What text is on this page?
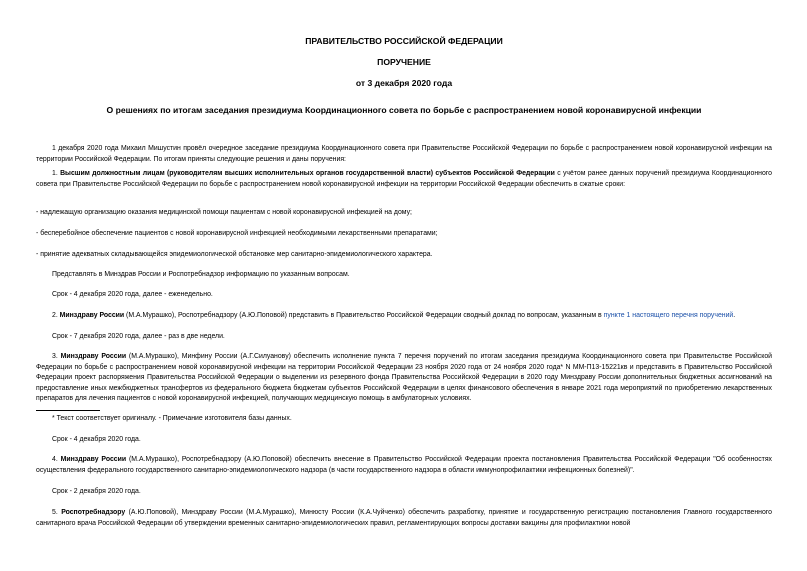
ПРАВИТЕЛЬСТВО РОССИЙСКОЙ ФЕДЕРАЦИИ
ПОРУЧЕНИЕ
от 3 декабря 2020 года
О решениях по итогам заседания президиума Координационного совета по борьбе с распространением новой коронавирусной инфекции
1 декабря 2020 года Михаил Мишустин провёл очередное заседание президиума Координационного совета при Правительстве Российской Федерации по борьбе с распространением новой коронавирусной инфекции на территории Российской Федерации. По итогам приняты следующие решения и даны поручения:
1. Высшим должностным лицам (руководителям высших исполнительных органов государственной власти) субъектов Российской Федерации с учётом ранее данных поручений президиума Координационного совета при Правительстве Российской Федерации по борьбе с распространением новой коронавирусной инфекции на территории Российской Федерации обеспечить в сжатые сроки:
- надлежащую организацию оказания медицинской помощи пациентам с новой коронавирусной инфекцией на дому;
- бесперебойное обеспечение пациентов с новой коронавирусной инфекцией необходимыми лекарственными препаратами;
- принятие адекватных складывающейся эпидемиологической обстановке мер санитарно-эпидемиологического характера.
Представлять в Минздрав России и Роспотребнадзор информацию по указанным вопросам.
Срок - 4 декабря 2020 года, далее - еженедельно.
2. Минздраву России (М.А.Мурашко), Роспотребнадзору (А.Ю.Поповой) представить в Правительство Российской Федерации сводный доклад по вопросам, указанным в пункте 1 настоящего перечня поручений.
Срок - 7 декабря 2020 года, далее - раз в две недели.
3. Минздраву России (М.А.Мурашко), Минфину России (А.Г.Силуанову) обеспечить исполнение пункта 7 перечня поручений по итогам заседания президиума Координационного совета при Правительстве Российской Федерации по борьбе с распространением новой коронавирусной инфекции на территории Российской Федерации 23 ноября 2020 года от 24 ноября 2020 года* N ММ-П13-15221кв и представить в Правительство Российской Федерации проект распоряжения Правительства Российской Федерации о выделении из резервного фонда Правительства Российской Федерации в 2020 году Минздраву России дополнительных бюджетных ассигнований на предоставление иных межбюджетных трансфертов из федерального бюджета бюджетам субъектов Российской Федерации в целях финансового обеспечения в январе 2021 года мероприятий по приобретению лекарственных препаратов для лечения пациентов с новой коронавирусной инфекцией, получающих медицинскую помощь в амбулаторных условиях.
* Текст соответствует оригиналу. - Примечание изготовителя базы данных.
Срок - 4 декабря 2020 года.
4. Минздраву России (М.А.Мурашко), Роспотребнадзору (А.Ю.Поповой) обеспечить внесение в Правительство Российской Федерации проекта постановления Правительства Российской Федерации "Об особенностях осуществления федерального государственного санитарно-эпидемиологического надзора (в части государственного надзора в области иммунопрофилактики инфекционных болезней)".
Срок - 2 декабря 2020 года.
5. Роспотребнадзору (А.Ю.Поповой), Минздраву России (М.А.Мурашко), Минюсту России (К.А.Чуйченко) обеспечить разработку, принятие и государственную регистрацию постановления Главного государственного санитарного врача Российской Федерации об утверждении временных санитарно-эпидемиологических правил, регламентирующих вопросы доставки вакцины для профилактики новой
